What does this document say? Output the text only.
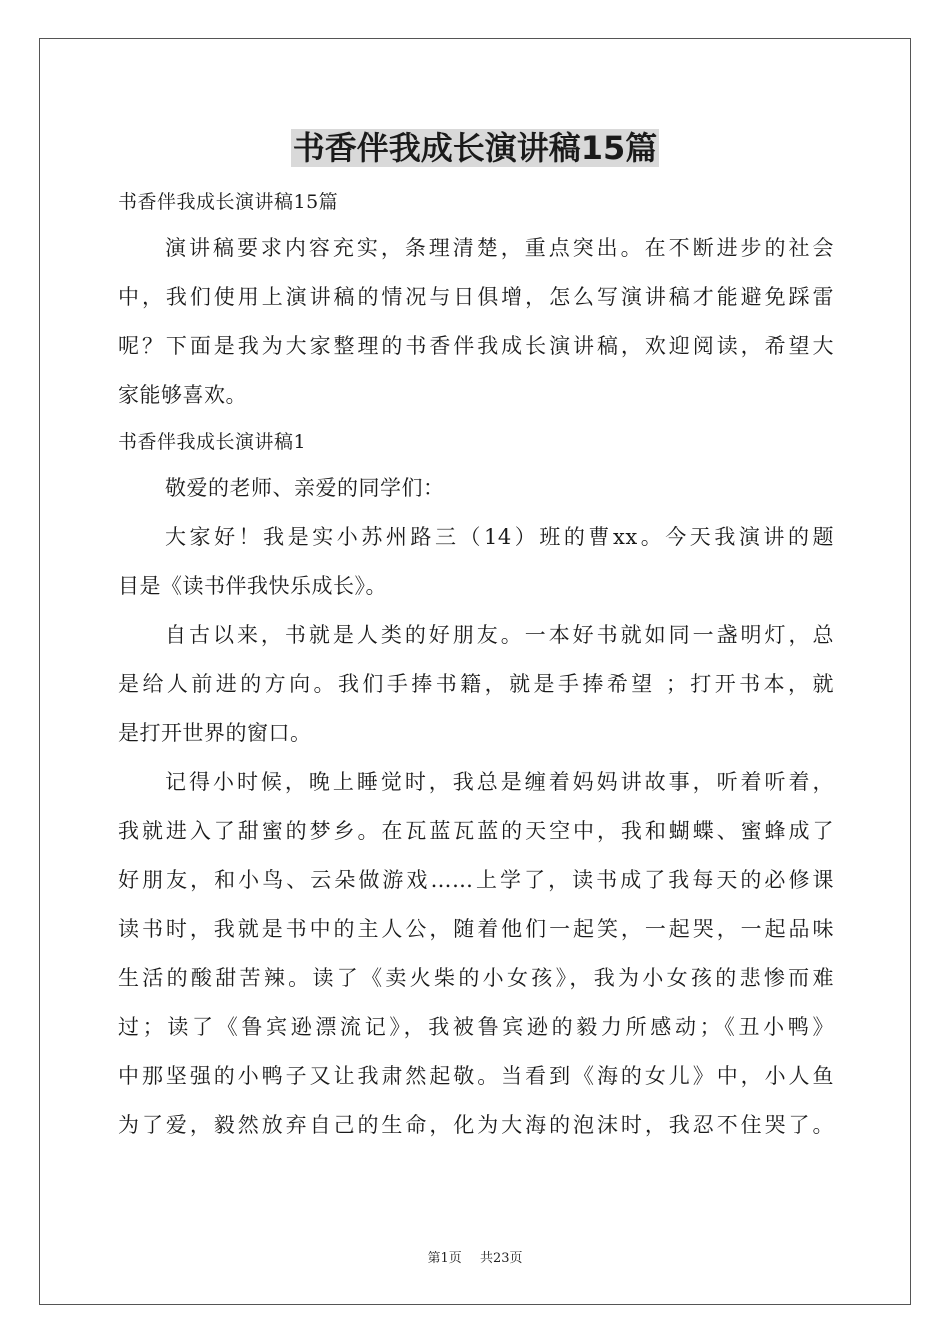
书香伴我成长演讲稿15篇
书香伴我成长演讲稿15篇
演讲稿要求内容充实，条理清楚，重点突出。在不断进步的社会
中，我们使用上演讲稿的情况与日俱增，怎么写演讲稿才能避免踩雷
呢？下面是我为大家整理的书香伴我成长演讲稿，欢迎阅读，希望大
家能够喜欢。
书香伴我成长演讲稿1
敬爱的老师、亲爱的同学们：
大家好！我是实小苏州路三（14）班的曹xx。今天我演讲的题
目是《读书伴我快乐成长》。
自古以来，书就是人类的好朋友。一本好书就如同一盏明灯，总
是给人前进的方向。我们手捧书籍，就是手捧希望 ；打开书本，就
是打开世界的窗口。
记得小时候，晚上睡觉时，我总是缠着妈妈讲故事，听着听着，
我就进入了甜蜜的梦乡。在瓦蓝瓦蓝的天空中，我和蝴蝶、蜜蜂成了
好朋友，和小鸟、云朵做游戏……上学了，读书成了我每天的必修课
读书时，我就是书中的主人公，随着他们一起笑，一起哭，一起品味
生活的酸甜苦辣。读了《卖火柴的小女孩》，我为小女孩的悲惨而难
过；读了《鲁宾逊漂流记》，我被鲁宾逊的毅力所感动；《丑小鸭》
中那坚强的小鸭子又让我肃然起敬。当看到《海的女儿》中，小人鱼
为了爱，毅然放弃自己的生命，化为大海的泡沫时，我忍不住哭了。
第1页 共23页
